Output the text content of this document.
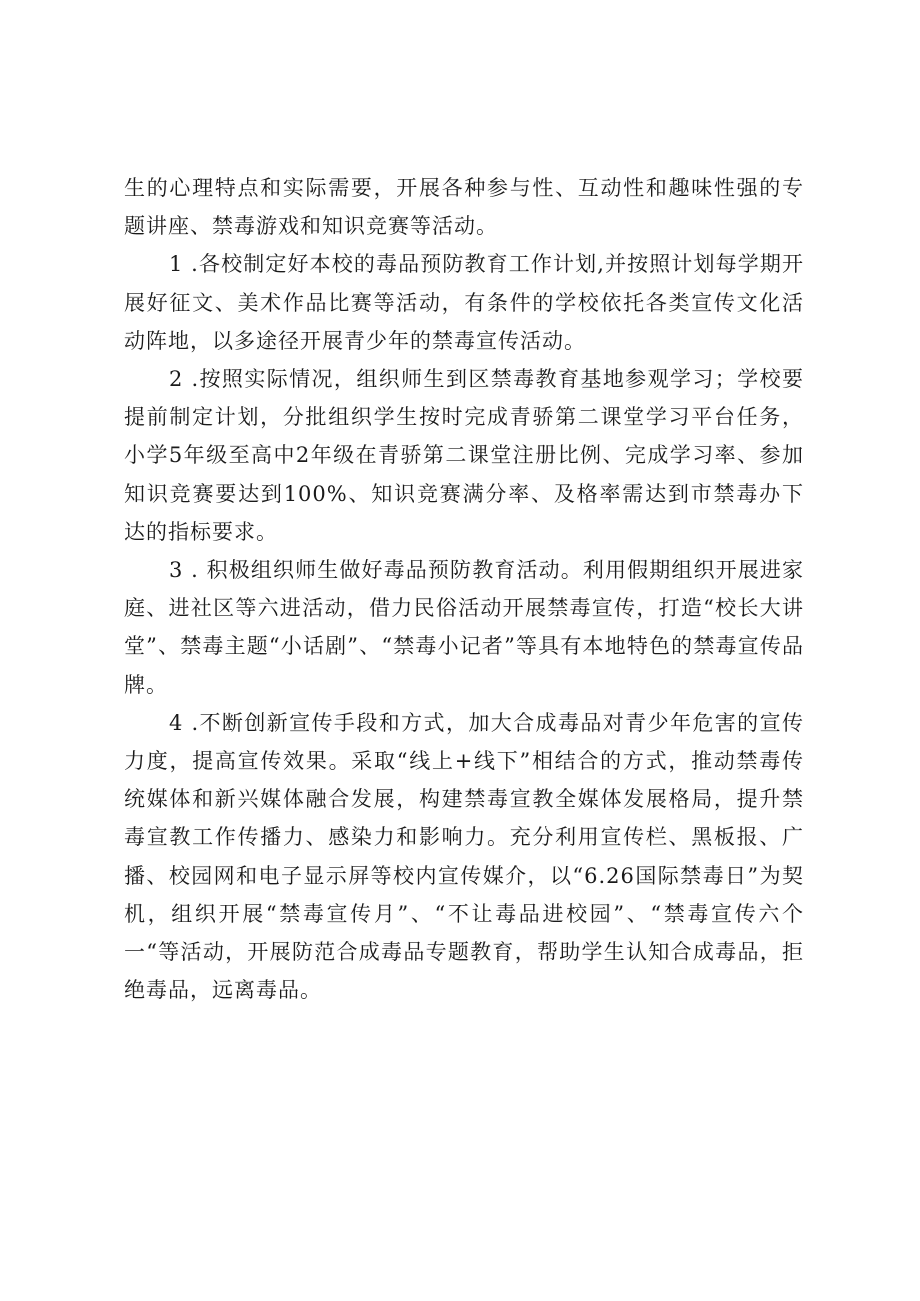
生的心理特点和实际需要，开展各种参与性、互动性和趣味性强的专题讲座、禁毒游戏和知识竞赛等活动。

1 .各校制定好本校的毒品预防教育工作计划,并按照计划每学期开展好征文、美术作品比赛等活动，有条件的学校依托各类宣传文化活动阵地，以多途径开展青少年的禁毒宣传活动。

2 .按照实际情况，组织师生到区禁毒教育基地参观学习；学校要提前制定计划，分批组织学生按时完成青骄第二课堂学习平台任务，小学5年级至高中2年级在青骄第二课堂注册比例、完成学习率、参加知识竞赛要达到100%、知识竞赛满分率、及格率需达到市禁毒办下达的指标要求。

3 . 积极组织师生做好毒品预防教育活动。利用假期组织开展进家庭、进社区等六进活动，借力民俗活动开展禁毒宣传，打造“校长大讲堂”、禁毒主题“小话剧”、“禁毒小记者”等具有本地特色的禁毒宣传品牌。

4 .不断创新宣传手段和方式，加大合成毒品对青少年危害的宣传力度，提高宣传效果。采取“线上+线下”相结合的方式，推动禁毒传统媒体和新兴媒体融合发展，构建禁毒宣教全媒体发展格局，提升禁毒宣教工作传播力、感染力和影响力。充分利用宣传栏、黑板报、广播、校园网和电子显示屏等校内宣传媒介，以“6.26国际禁毒日”为契机，组织开展“禁毒宣传月”、“不让毒品进校园”、“禁毒宣传六个一“等活动，开展防范合成毒品专题教育，帮助学生认知合成毒品，拒绝毒品，远离毒品。
